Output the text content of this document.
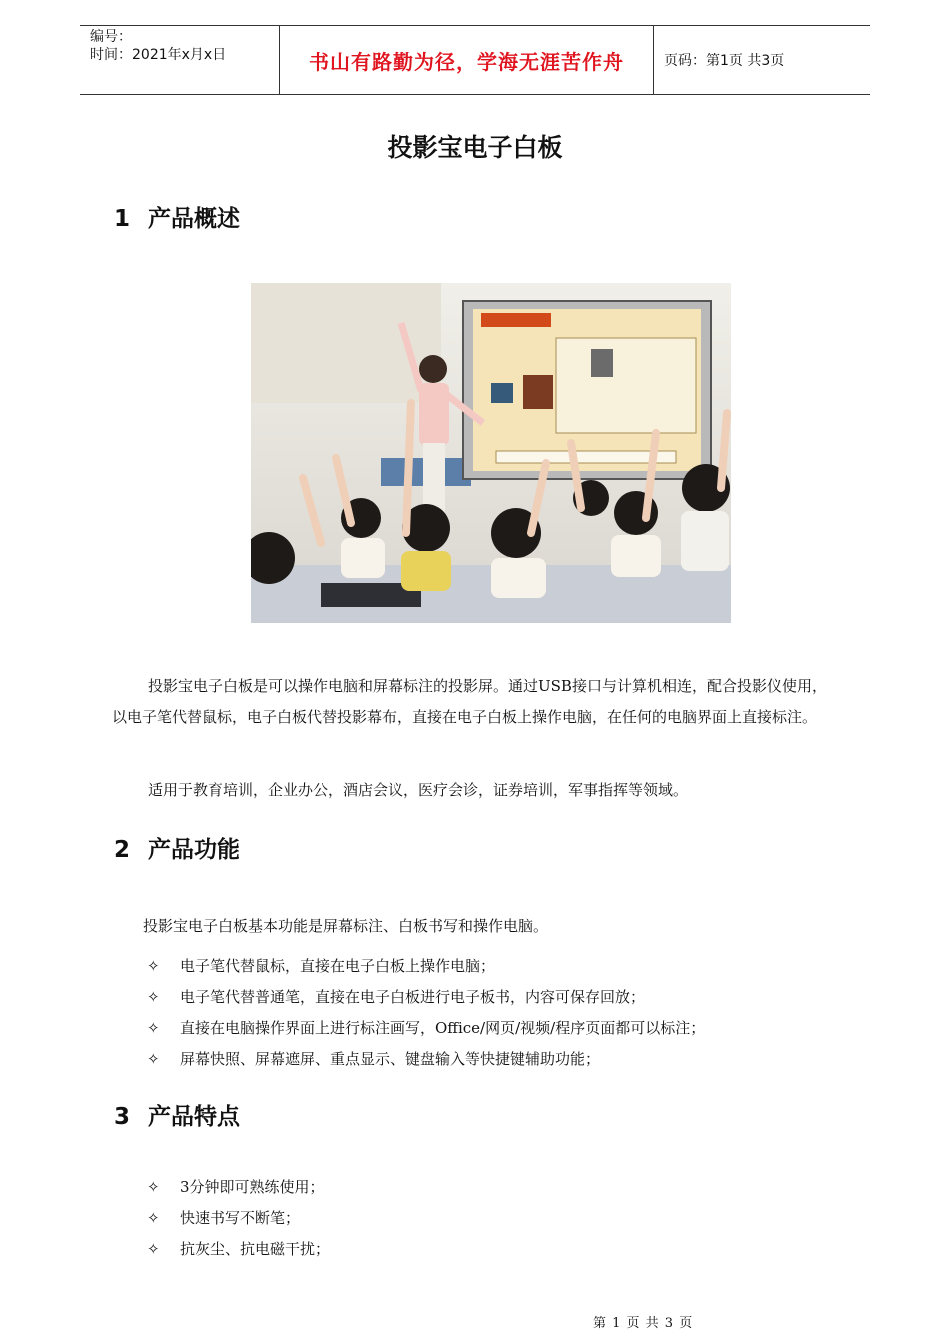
编号：
时间：2021年x月x日	书山有路勤为径，学海无涯苦作舟	页码：第1页 共3页
投影宝电子白板
1 产品概述

投影宝电子白板是可以操作电脑和屏幕标注的投影屏。通过USB接口与计算机相连，配合投影仪使用，以电子笔代替鼠标，电子白板代替投影幕布，直接在电子白板上操作电脑，在任何的电脑界面上直接标注。

适用于教育培训，企业办公，酒店会议，医疗会诊，证券培训，军事指挥等领域。

2 产品功能

投影宝电子白板基本功能是屏幕标注、白板书写和操作电脑。

✧	电子笔代替鼠标，直接在电子白板上操作电脑；
✧	电子笔代替普通笔，直接在电子白板进行电子板书，内容可保存回放；
✧	直接在电脑操作界面上进行标注画写，Office/网页/视频/程序页面都可以标注；
✧	屏幕快照、屏幕遮屏、重点显示、键盘输入等快捷键辅助功能；
3 产品特点
✧	3分钟即可熟练使用；
✧	快速书写不断笔；
✧	抗灰尘、抗电磁干扰；
第 1 页 共 3 页
